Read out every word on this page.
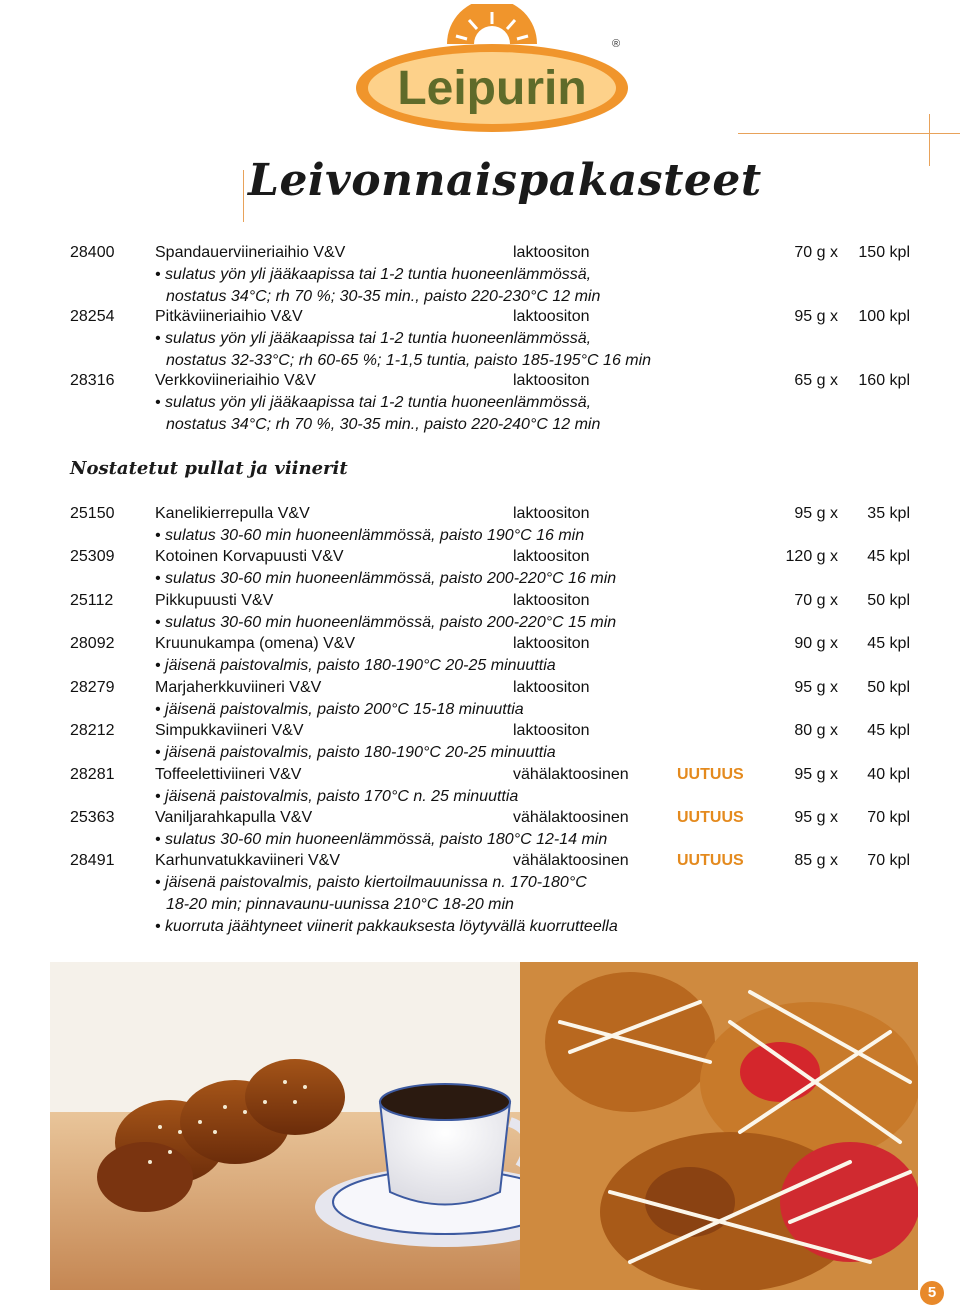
Leipurin
®
Leivonnaispakasteet
Nostatetut pullat ja viinerit
28400	Spandauerviineriaihio V&V	laktoositon	70 g x 150 kpl
• sulatus yön yli jääkaapissa tai 1-2 tuntia huoneenlämmössä,
nostatus 34°C; rh 70 %; 30-35 min., paisto 220-230°C 12 min
28254	Pitkäviineriaihio V&V	laktoositon	95 g x 100 kpl
• sulatus yön yli jääkaapissa tai 1-2 tuntia huoneenlämmössä,
nostatus 32-33°C; rh 60-65 %; 1-1,5 tuntia, paisto 185-195°C 16 min
28316	Verkkoviineriaihio V&V	laktoositon	65 g x 160 kpl
• sulatus yön yli jääkaapissa tai 1-2 tuntia huoneenlämmössä,
nostatus 34°C; rh 70 %, 30-35 min., paisto 220-240°C 12 min
25150	Kanelikierrepulla V&V	laktoositon	95 g x 35 kpl
• sulatus 30-60 min huoneenlämmössä, paisto 190°C 16 min
25309	Kotoinen Korvapuusti V&V	laktoositon	120 g x 45 kpl
• sulatus 30-60 min huoneenlämmössä, paisto 200-220°C 16 min
25112	Pikkupuusti V&V	laktoositon	70 g x 50 kpl
• sulatus 30-60 min huoneenlämmössä, paisto 200-220°C 15 min
28092	Kruunukampa (omena) V&V	laktoositon	90 g x 45 kpl
• jäisenä paistovalmis, paisto 180-190°C 20-25 minuuttia
28279	Marjaherkkuviineri V&V	laktoositon	95 g x 50 kpl
• jäisenä paistovalmis, paisto 200°C 15-18 minuuttia
28212	Simpukkaviineri V&V	laktoositon	80 g x 45 kpl
• jäisenä paistovalmis, paisto 180-190°C 20-25 minuuttia
28281	Toffeelettiviineri V&V	vähälaktoosinen	UUTUUS	95 g x 40 kpl
• jäisenä paistovalmis, paisto 170°C n. 25 minuuttia
25363	Vaniljarahkapulla V&V	vähälaktoosinen	UUTUUS	95 g x 70 kpl
• sulatus 30-60 min huoneenlämmössä, paisto 180°C 12-14 min
28491	Karhunvatukkaviineri V&V	vähälaktoosinen	UUTUUS	85 g x 70 kpl
• jäisenä paistovalmis, paisto kiertoilmauunissa n. 170-180°C
18-20 min; pinnavaunu-uunissa 210°C 18-20 min
• kuorruta jäähtyneet viinerit pakkauksesta löytyvällä kuorrutteella
5
